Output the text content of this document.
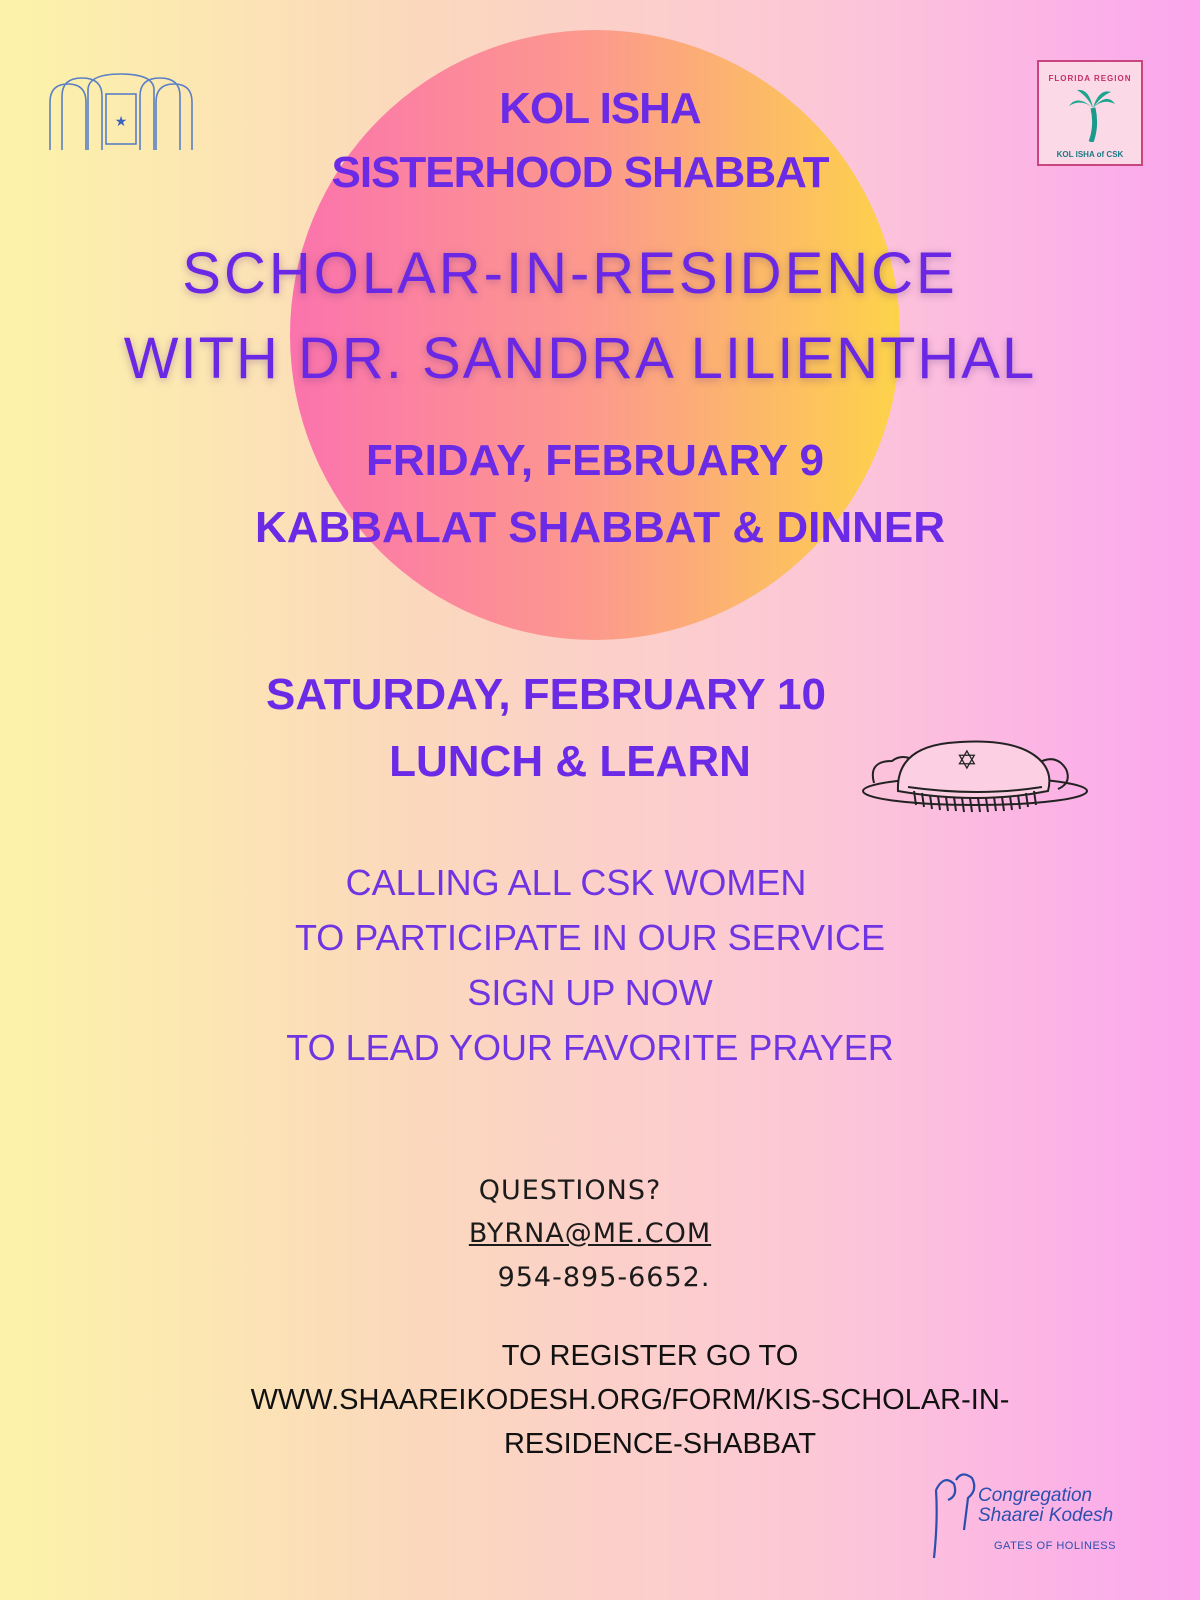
★
FLORIDA REGION
KOL ISHA of CSK
KOL ISHA
SISTERHOOD SHABBAT
SCHOLAR-IN-RESIDENCE
WITH DR. SANDRA LILIENTHAL
FRIDAY, FEBRUARY 9
KABBALAT SHABBAT & DINNER
SATURDAY, FEBRUARY 10
LUNCH & LEARN	✡
CALLING ALL CSK WOMEN
TO PARTICIPATE IN OUR SERVICE
SIGN UP NOW
TO LEAD YOUR FAVORITE PRAYER
QUESTIONS?
BYRNA@ME.COM
954-895-6652.
TO REGISTER GO TO
WWW.SHAAREIKODESH.ORG/FORM/KIS-SCHOLAR-IN-
RESIDENCE-SHABBAT
Congregation
Shaarei Kodesh
GATES OF HOLINESS
